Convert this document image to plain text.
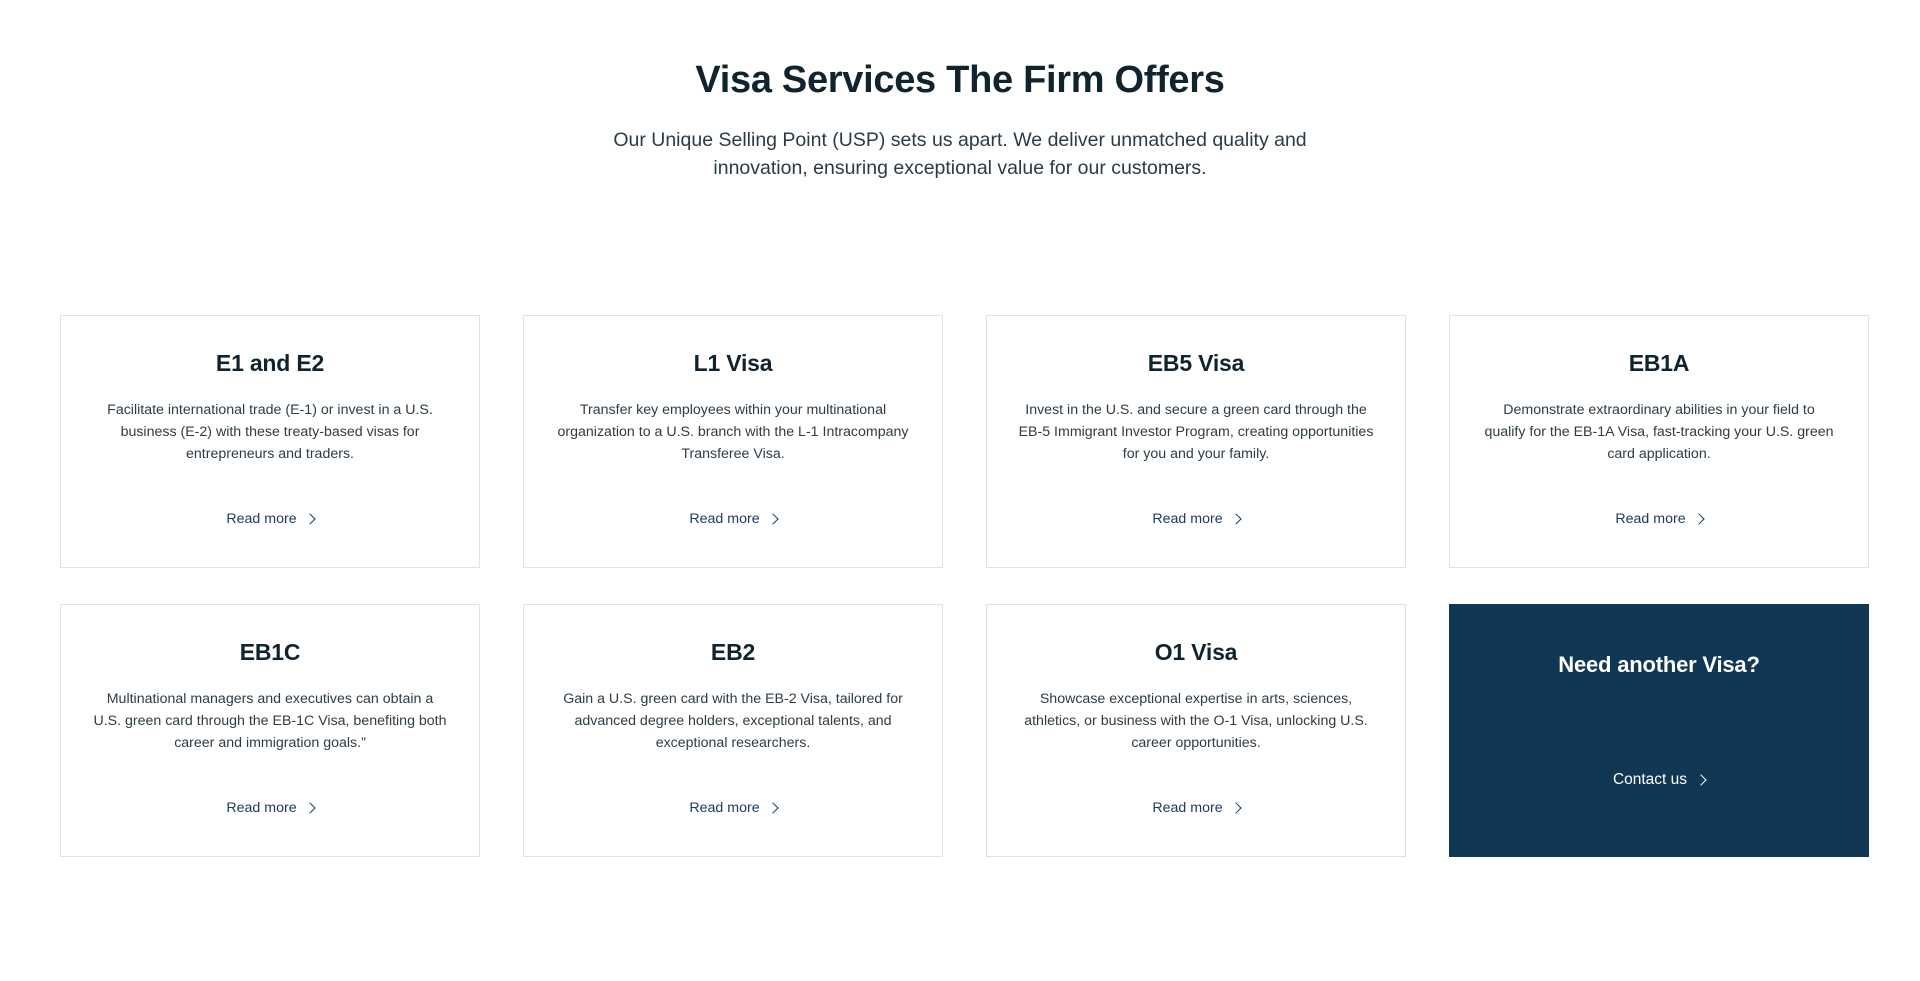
Visa Services The Firm Offers

Our Unique Selling Point (USP) sets us apart. We deliver unmatched quality and innovation, ensuring exceptional value for our customers.

E1 and E2

Facilitate international trade (E-1) or invest in a U.S. business (E-2) with these treaty-based visas for entrepreneurs and traders.

Read more
L1 Visa

Transfer key employees within your multinational organization to a U.S. branch with the L-1 Intracompany Transferee Visa.

Read more
EB5 Visa

Invest in the U.S. and secure a green card through the EB-5 Immigrant Investor Program, creating opportunities for you and your family.

Read more
EB1A

Demonstrate extraordinary abilities in your field to qualify for the EB-1A Visa, fast-tracking your U.S. green card application.

Read more
EB1C

Multinational managers and executives can obtain a U.S. green card through the EB-1C Visa, benefiting both career and immigration goals.”

Read more
EB2

Gain a U.S. green card with the EB-2 Visa, tailored for advanced degree holders, exceptional talents, and exceptional researchers.

Read more
O1 Visa

Showcase exceptional expertise in arts, sciences, athletics, or business with the O-1 Visa, unlocking U.S. career opportunities.

Read more
Need another Visa?
Contact us
